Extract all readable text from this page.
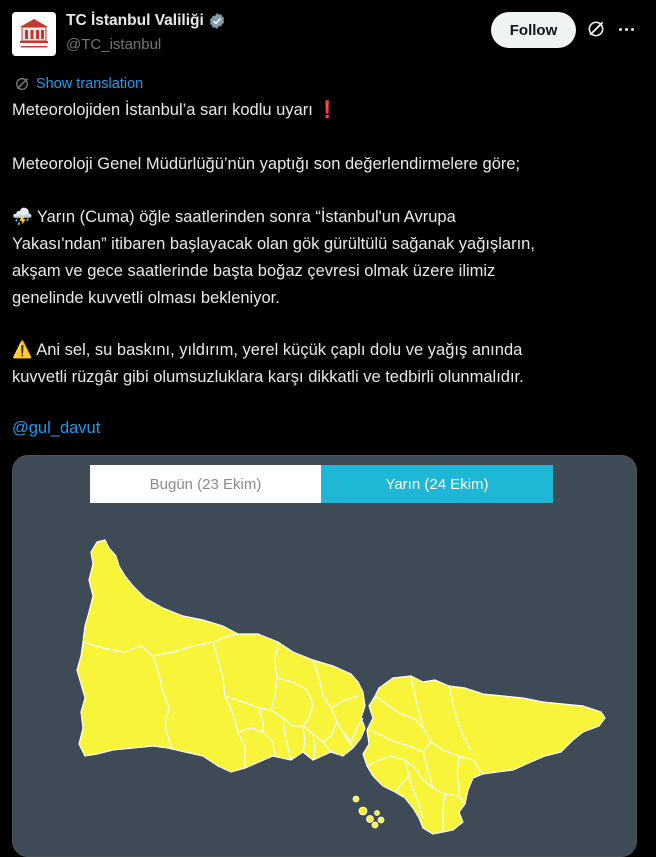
TC İstanbul Valiliği
@TC_istanbul
Follow
Show translation
Meteorolojiden İstanbul’a sarı kodlu uyarı ❗
Meteoroloji Genel Müdürlüğü’nün yaptığı son değerlendirmelere göre;
⛈️ Yarın (Cuma) öğle saatlerinden sonra “İstanbul'un Avrupa
Yakası'ndan” itibaren başlayacak olan gök gürültülü sağanak yağışların,
akşam ve gece saatlerinde başta boğaz çevresi olmak üzere ilimiz
genelinde kuvvetli olması bekleniyor.
⚠️ Ani sel, su baskını, yıldırım, yerel küçük çaplı dolu ve yağış anında
kuvvetli rüzgâr gibi olumsuzluklara karşı dikkatli ve tedbirli olunmalıdır.
@gul_davut
Bugün (23 Ekim)	Yarın (24 Ekim)
